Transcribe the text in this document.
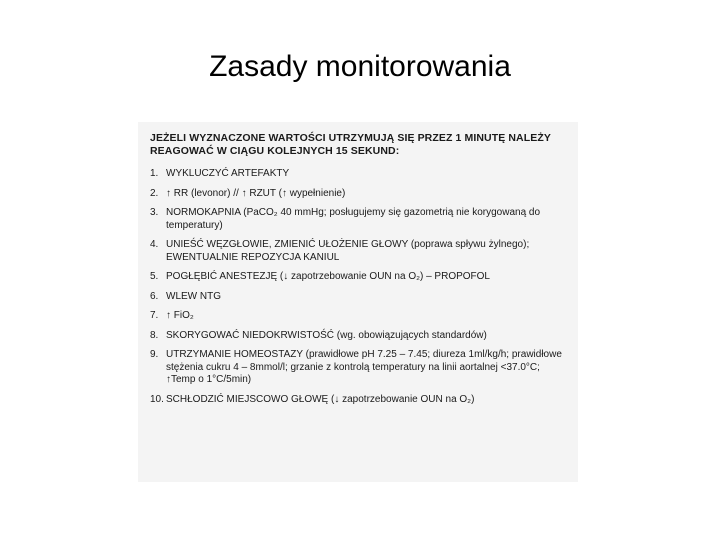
Zasady monitorowania
JEŻELI WYZNACZONE WARTOŚCI UTRZYMUJĄ SIĘ PRZEZ 1 MINUTĘ NALEŻY REAGOWAĆ W CIĄGU KOLEJNYCH 15 SEKUND:
1. WYKLUCZYĆ ARTEFAKTY
2. ↑ RR (levonor) // ↑ RZUT (↑ wypełnienie)
3. NORMOKAPNIA (PaCO₂ 40 mmHg; posługujemy się gazometrią nie korygowaną do temperatury)
4. UNIEŚĆ WĘZGŁOWIE, ZMIENIĆ UŁOŻENIE GŁOWY (poprawa spływu żylnego); EWENTUALNIE REPOZYCJA KANIUL
5. POGŁĘBIĆ ANESTEZJĘ (↓ zapotrzebowanie OUN na O₂) – PROPOFOL
6. WLEW NTG
7. ↑ FiO₂
8. SKORYGOWAĆ NIEDOKRWISTOŚĆ (wg. obowiązujących standardów)
9. UTRZYMANIE HOMEOSTAZY (prawidłowe pH 7.25 – 7.45; diureza 1ml/kg/h; prawidłowe stężenia cukru 4 – 8mmol/l; grzanie z kontrolą temperatury na linii aortalnej <37.0°C; ↑Temp o 1°C/5min)
10. SCHŁODZIĆ MIEJSCOWO GŁOWĘ (↓ zapotrzebowanie OUN na O₂)
